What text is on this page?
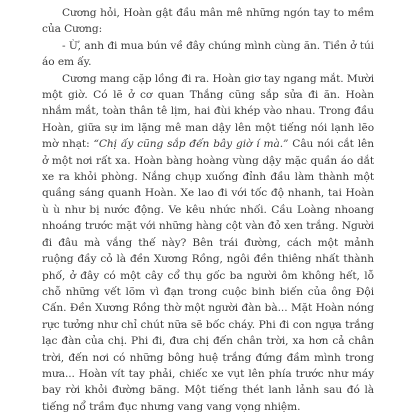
Cương hỏi, Hoàn gật đầu mân mê những ngón tay to mềm của Cương:

- Ừ, anh đi mua bún về đây chúng mình cùng ăn. Tiền ở túi áo em ấy.

Cương mang cặp lồng đi ra. Hoàn giơ tay ngang mắt. Mười một giờ. Có lẽ ở cơ quan Thắng cũng sắp sửa đi ăn. Hoàn nhắm mắt, toàn thân tê lịm, hai đùi khép vào nhau. Trong đầu Hoàn, giữa sự im lặng mê man dậy lên một tiếng nói lạnh lẽo mờ nhạt: “Chị ấy cũng sắp đến bây giờ í mà.” Câu nói cắt lên ở một nơi rất xa. Hoàn bàng hoàng vùng dậy mặc quần áo dắt xe ra khỏi phòng. Nắng chụp xuống đỉnh đầu làm thành một quầng sáng quanh Hoàn. Xe lao đi với tốc độ nhanh, tai Hoàn ù ù như bị nước động. Ve kêu nhức nhối. Cầu Loàng nhoang nhoáng trước mặt với những hàng cột vàn đỏ xen trắng. Người đi đâu mà vắng thế này? Bên trái đường, cách một mảnh ruộng đầy cỏ là đền Xương Rồng, ngôi đền thiêng nhất thành phố, ở đây có một cây cổ thụ gốc ba người ôm không hết, lỗ chỗ những vết lõm vì đạn trong cuộc binh biến của ông Đội Cấn. Đền Xương Rồng thờ một người đàn bà... Mặt Hoàn nóng rực tưởng như chỉ chút nữa sẽ bốc cháy. Phi đi con ngựa trắng lạc đàn của chị. Phi đi, đưa chị đến chân trời, xa hơn cả chân trời, đến nơi có những bông huệ trắng đứng đầm mình trong mưa... Hoàn vít tay phải, chiếc xe vụt lên phía trước như máy bay rời khỏi đường băng. Một tiếng thét lanh lảnh sau đó là tiếng nổ trầm đục nhưng vang vang vọng nhiệm.
